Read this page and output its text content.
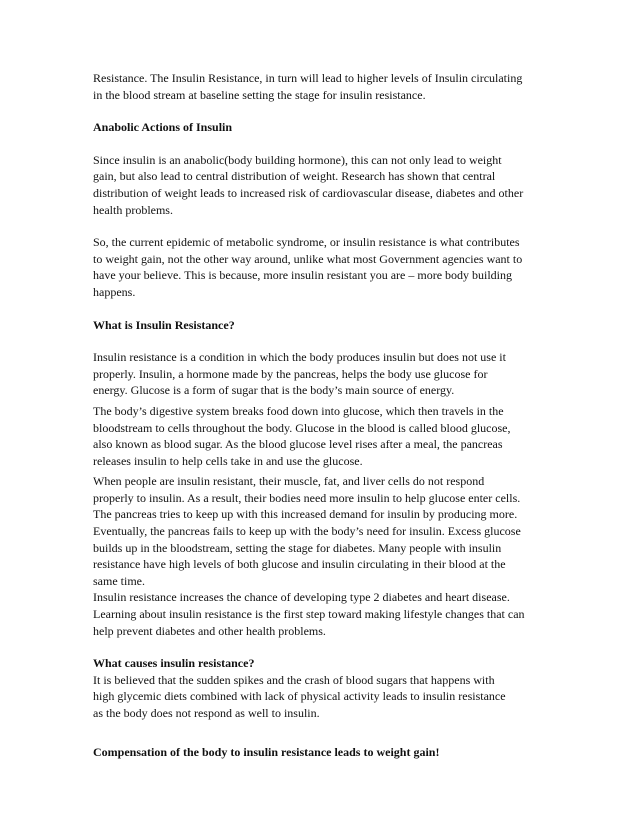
Resistance. The Insulin Resistance, in turn will lead to higher levels of Insulin circulating
in the blood stream at baseline setting the stage for insulin resistance.

Anabolic Actions of Insulin

Since insulin is an anabolic(body building hormone), this can not only lead to weight
gain, but also lead to central distribution of weight. Research has shown that central
distribution of weight leads to increased risk of cardiovascular disease, diabetes and other
health problems.

So, the current epidemic of metabolic syndrome, or insulin resistance is what contributes
to weight gain, not the other way around, unlike what most Government agencies want to
have your believe. This is because, more insulin resistant you are – more body building
happens.

What is Insulin Resistance?

Insulin resistance is a condition in which the body produces insulin but does not use it
properly. Insulin, a hormone made by the pancreas, helps the body use glucose for
energy. Glucose is a form of sugar that is the body’s main source of energy.

The body’s digestive system breaks food down into glucose, which then travels in the
bloodstream to cells throughout the body. Glucose in the blood is called blood glucose,
also known as blood sugar. As the blood glucose level rises after a meal, the pancreas
releases insulin to help cells take in and use the glucose.

When people are insulin resistant, their muscle, fat, and liver cells do not respond
properly to insulin. As a result, their bodies need more insulin to help glucose enter cells.
The pancreas tries to keep up with this increased demand for insulin by producing more.
Eventually, the pancreas fails to keep up with the body’s need for insulin. Excess glucose
builds up in the bloodstream, setting the stage for diabetes. Many people with insulin
resistance have high levels of both glucose and insulin circulating in their blood at the
same time.
Insulin resistance increases the chance of developing type 2 diabetes and heart disease.
Learning about insulin resistance is the first step toward making lifestyle changes that can
help prevent diabetes and other health problems.

What causes insulin resistance?

It is believed that the sudden spikes and the crash of blood sugars that happens with
high glycemic diets combined with lack of physical activity leads to insulin resistance
as the body does not respond as well to insulin.

Compensation of the body to insulin resistance leads to weight gain!
